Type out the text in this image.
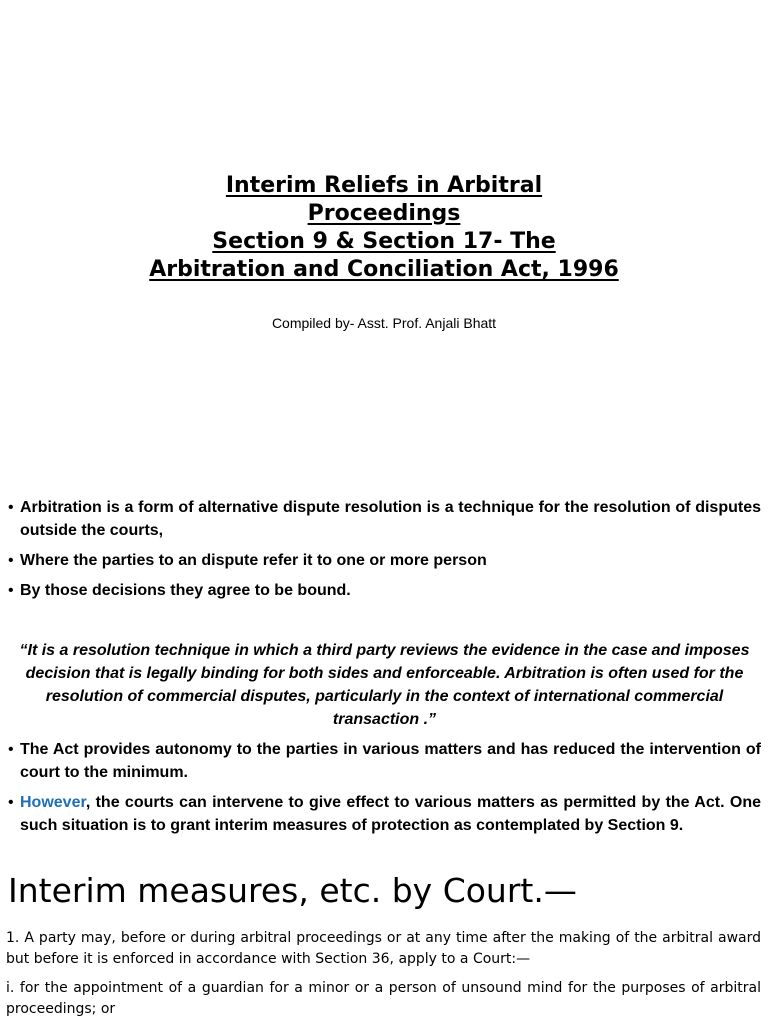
Interim Reliefs in Arbitral
Proceedings
Section 9 & Section 17- The
Arbitration and Conciliation Act, 1996
Compiled by- Asst. Prof. Anjali Bhatt
• Arbitration is a form of alternative dispute resolution is a technique for the resolution of disputes outside the courts,
• Where the parties to an dispute refer it to one or more person
• By those decisions they agree to be bound.

“It is a resolution technique in which a third party reviews the evidence in the case and imposes decision that is legally binding for both sides and enforceable. Arbitration is often used for the resolution of commercial disputes, particularly in the context of international commercial transaction .”

• The Act provides autonomy to the parties in various matters and has reduced the intervention of court to the minimum.
• However, the courts can intervene to give effect to various matters as permitted by the Act. One such situation is to grant interim measures of protection as contemplated by Section 9.
Interim measures, etc. by Court.—

1. A party may, before or during arbitral proceedings or at any time after the making of the arbitral award but before it is enforced in accordance with Section 36, apply to a Court:—

i. for the appointment of a guardian for a minor or a person of unsound mind for the purposes of arbitral proceedings; or
